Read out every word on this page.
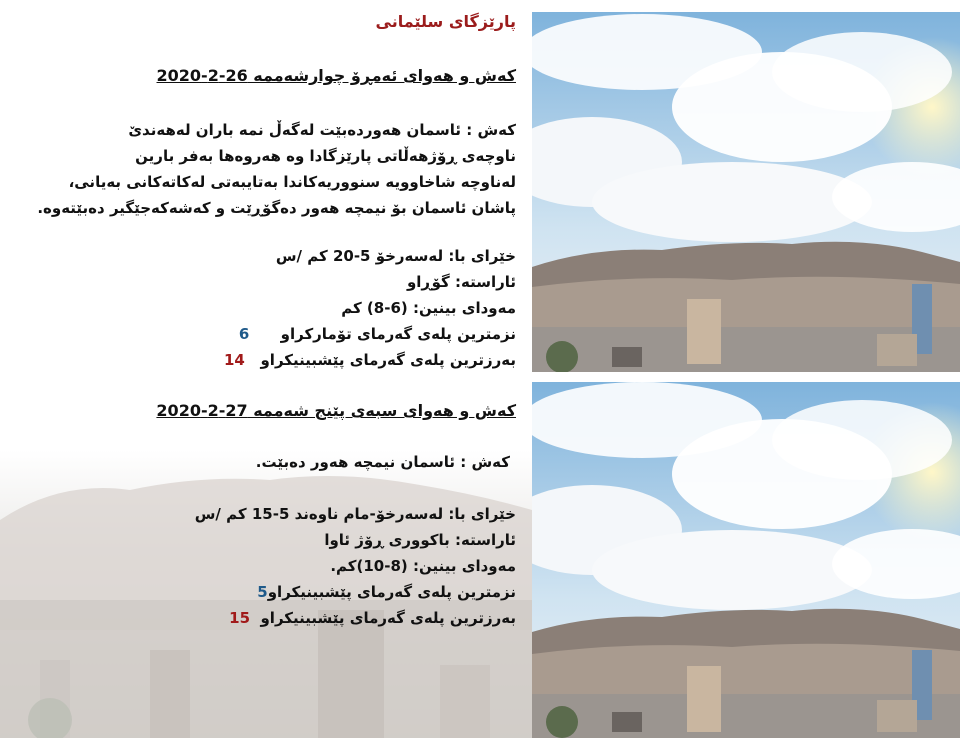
پارێزگای سلێمانی
کەش و هەوای ئەمڕۆ چوارشەممە 26-2-2020
کەش : ئاسمان هەوردەبێت لەگەڵ نمە باران لەهەندێ
ناوچەی ڕۆژهەڵاتی پارێزگادا وە هەروەها بەفر بارین
لەناوچە شاخاوویە سنووریەکاندا بەتایبەتی لەکاتەکانی بەیانی،
پاشان ئاسمان بۆ نیمچە هەور دەگۆڕێت و کەشەکەجێگیر دەبێتەوە.
خێرای با: لەسەرخۆ 5-20 کم /س
ئاراستە: گۆڕاو
مەودای بینین: (6-8) کم
نزمترین پلەی گەرمای تۆمارکراو      6
بەرزترین پلەی گەرمای پێشبینیکراو   14
کەش و هەوای سبەی پێنج شەممە 27-2-2020
کەش : ئاسمان نیمچە هەور دەبێت.
خێرای با: لەسەرخۆ-مام ناوەند 5-15 کم /س
ئاراستە: باکووری ڕۆژ ئاوا
مەودای بینین: (8-10)کم.
نزمترین پلەی گەرمای پێشبینیکراو5
بەرزترین پلەی گەرمای پێشبینیکراو  15
